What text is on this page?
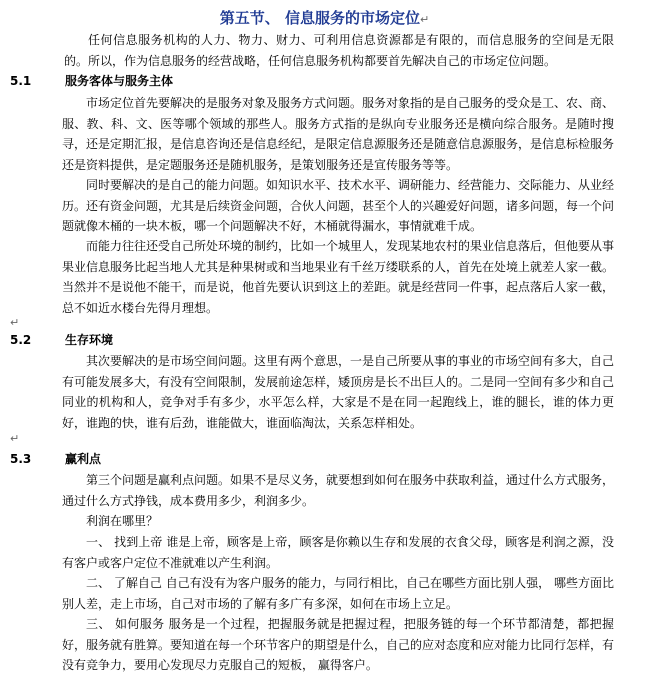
第五节、 信息服务的市场定位↵

任何信息服务机构的人力、物力、财力、可利用信息资源都是有限的，而信息服务的空间是无限的。所以，作为信息服务的经营战略，任何信息服务机构都要首先解决自己的市场定位问题。

5.1	服务客体与服务主体

市场定位首先要解决的是服务对象及服务方式问题。服务对象指的是自己服务的受众是工、农、商、服、教、科、文、医等哪个领域的那些人。服务方式指的是纵向专业服务还是横向综合服务。是随时搜寻，还是定期汇报，是信息咨询还是信息经纪，是限定信息源服务还是随意信息源服务，是信息标检服务还是资料提供，是定题服务还是随机服务，是策划服务还是宣传服务等等。

同时要解决的是自己的能力问题。如知识水平、技术水平、调研能力、经营能力、交际能力、从业经历。还有资金问题，尤其是后续资金问题，合伙人问题，甚至个人的兴趣爱好问题，诸多问题，每一个问题就像木桶的一块木板，哪一个问题解决不好，木桶就得漏水，事情就难千成。

而能力往往还受自己所处环境的制约，比如一个城里人，发现某地农村的果业信息落后，但他要从事果业信息服务比起当地人尤其是种果树或和当地果业有千丝万缕联系的人，首先在处境上就差人家一截。当然并不是说他不能干，而是说，他首先要认识到这上的差距。就是经营同一件事，起点落后人家一截，总不如近水楼台先得月理想。

↵
5.2	生存环境

其次要解决的是市场空间问题。这里有两个意思，一是自己所要从事的事业的市场空间有多大，自己有可能发展多大，有没有空间限制，发展前途怎样，矮顶房是长不出巨人的。二是同一空间有多少和自己同业的机构和人，竞争对手有多少，水平怎么样，大家是不是在同一起跑线上，谁的腿长，谁的体力更好，谁跑的快，谁有后劲，谁能做大，谁面临淘汰，关系怎样相处。

↵
5.3	赢利点

第三个问题是赢利点问题。如果不是尽义务，就要想到如何在服务中获取利益，通过什么方式服务， 通过什么方式挣钱，成本费用多少，利润多少。

利润在哪里？

一、 找到上帝 谁是上帝，顾客是上帝，顾客是你赖以生存和发展的衣食父母，顾客是利润之源，没有客户或客户定位不准就难以产生利润。

二、 了解自己 自己有没有为客户服务的能力，与同行相比，自己在哪些方面比别人强， 哪些方面比别人差，走上市场，自己对市场的了解有多广有多深，如何在市场上立足。

三、 如何服务 服务是一个过程，把握服务就是把握过程，把服务链的每一个环节都清楚，都把握好，服务就有胜算。要知道在每一个环节客户的期望是什么，自己的应对态度和应对能力比同行怎样，有没有竞争力，要用心发现尽力克服自己的短板， 赢得客户。
